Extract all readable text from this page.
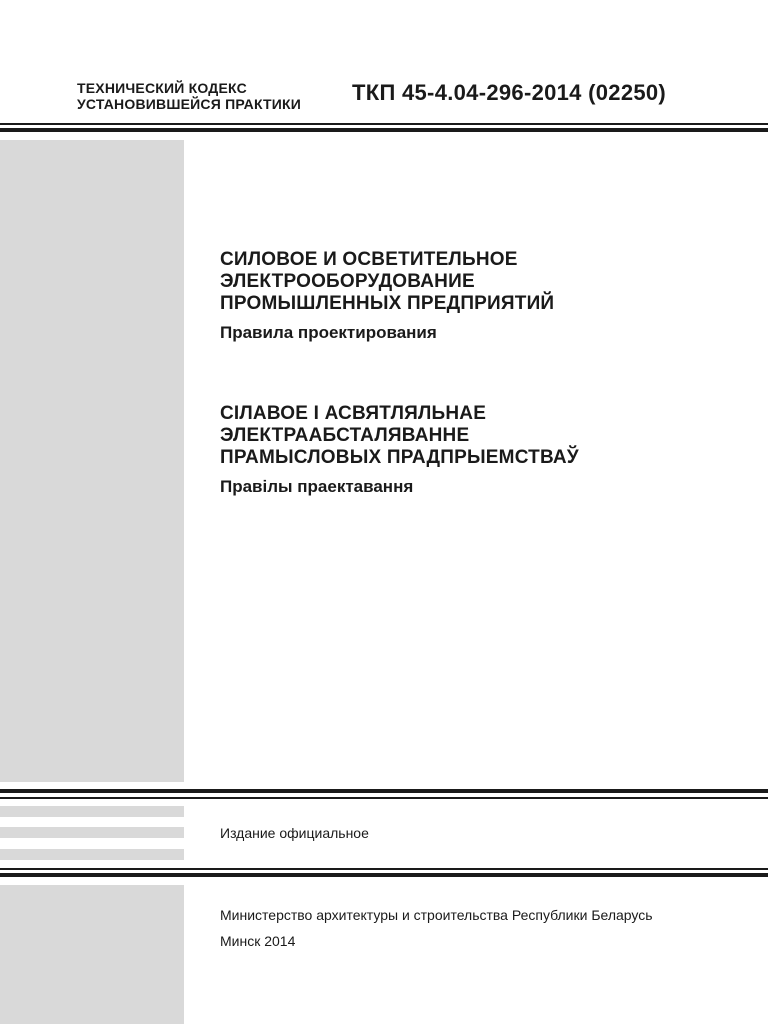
ТЕХНИЧЕСКИЙ КОДЕКС
УСТАНОВИВШЕЙСЯ ПРАКТИКИ ТКП 45-4.04-296-2014 (02250)
СИЛОВОЕ И ОСВЕТИТЕЛЬНОЕ
ЭЛЕКТРООБОРУДОВАНИЕ
ПРОМЫШЛЕННЫХ ПРЕДПРИЯТИЙ
Правила проектирования
СІЛАВОЕ І АСВЯТЛЯЛЬНАЕ
ЭЛЕКТРААБСТАЛЯВАННЕ
ПРАМЫСЛОВЫХ ПРАДПРЫЕМСТВАЎ
Правілы праектавання
Издание официальное
Министерство архитектуры и строительства Республики Беларусь
Минск 2014
